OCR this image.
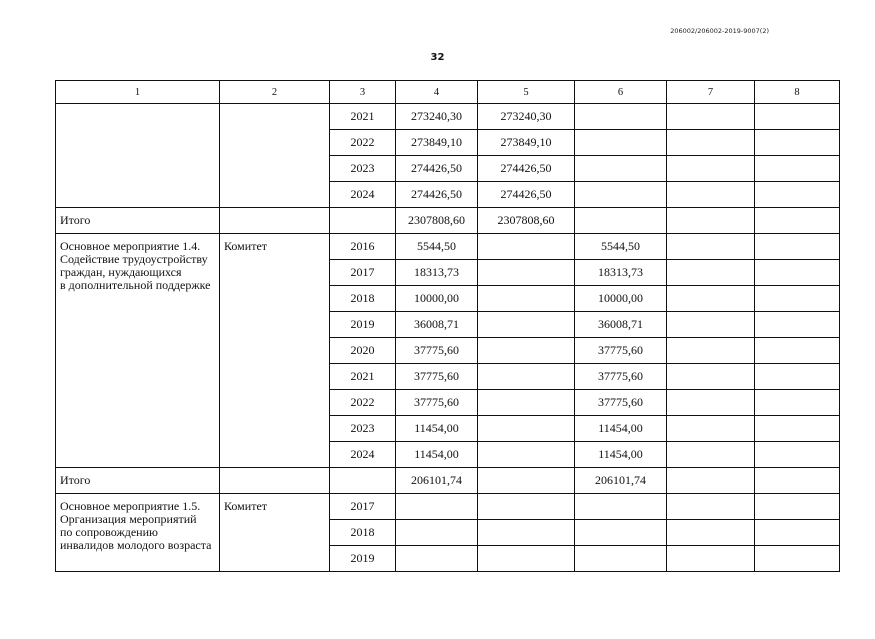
206002/206002-2019-9007(2)
32
1	2	3	4	5	6	7	8
		2021	273240,30	273240,30			
		2022	273849,10	273849,10			
		2023	274426,50	274426,50			
		2024	274426,50	274426,50			
Итого			2307808,60	2307808,60			

Основное мероприятие 1.4.
Содействие трудоустройству
граждан, нуждающихся
в дополнительной поддержке	Комитет	2016	5544,50		5544,50		
		2017	18313,73		18313,73		
		2018	10000,00		10000,00		
		2019	36008,71		36008,71		
		2020	37775,60		37775,60		
		2021	37775,60		37775,60		
		2022	37775,60		37775,60		
		2023	11454,00		11454,00		
		2024	11454,00		11454,00		
Итого			206101,74		206101,74		

Основное мероприятие 1.5.
Организация мероприятий
по сопровождению
инвалидов молодого возраста	Комитет	2017					
		2018					
		2019					
